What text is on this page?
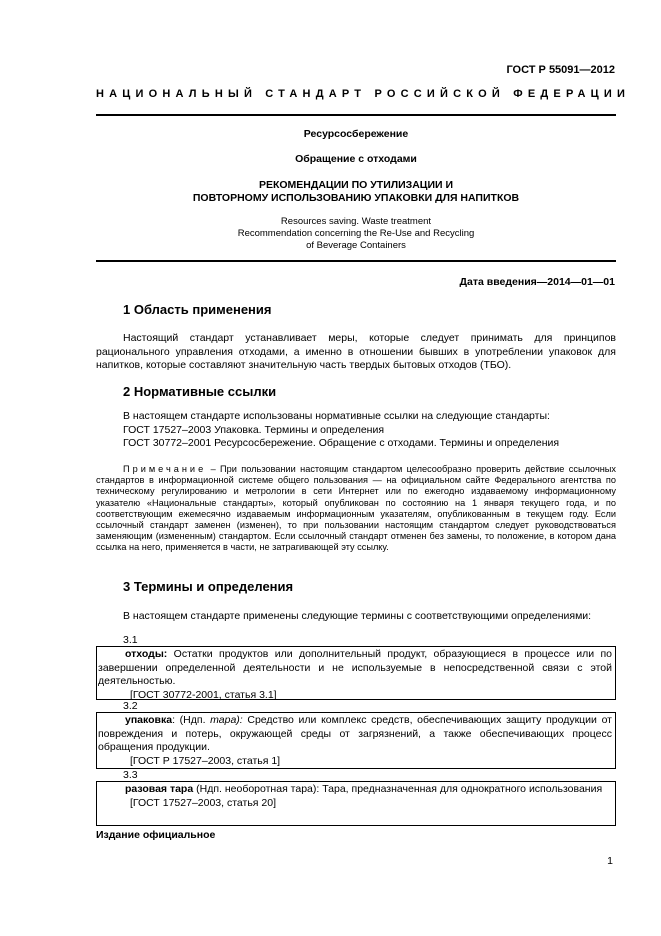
ГОСТ Р 55091—2012
НАЦИОНАЛЬНЫЙ СТАНДАРТ РОССИЙСКОЙ ФЕДЕРАЦИИ
Ресурсосбережение
Обращение с отходами
РЕКОМЕНДАЦИИ ПО УТИЛИЗАЦИИ И
ПОВТОРНОМУ ИСПОЛЬЗОВАНИЮ УПАКОВКИ ДЛЯ НАПИТКОВ
Resources saving. Waste treatment
Recommendation concerning the Re-Use and Recycling
of Beverage Containers
Дата введения—2014—01—01
1 Область применения
Настоящий стандарт устанавливает меры, которые следует принимать для принципов рационального управления отходами, а именно в отношении бывших в употреблении упаковок для напитков, которые составляют значительную часть твердых бытовых отходов (ТБО).
2 Нормативные ссылки
В настоящем стандарте использованы нормативные ссылки на следующие стандарты:
ГОСТ 17527–2003 Упаковка. Термины и определения
ГОСТ 30772–2001 Ресурсосбережение. Обращение с отходами. Термины и определения
Примечание – При пользовании настоящим стандартом целесообразно проверить действие ссылочных стандартов в информационной системе общего пользования — на официальном сайте Федерального агентства по техническому регулированию и метрологии в сети Интернет или по ежегодно издаваемому информационному указателю «Национальные стандарты», который опубликован по состоянию на 1 января текущего года, и по соответствующим ежемесячно издаваемым информационным указателям, опубликованным в текущем году. Если ссылочный стандарт заменен (изменен), то при пользовании настоящим стандартом следует руководствоваться заменяющим (измененным) стандартом. Если ссылочный стандарт отменен без замены, то положение, в котором дана ссылка на него, применяется в части, не затрагивающей эту ссылку.
3 Термины и определения
В настоящем стандарте применены следующие термины с соответствующими определениями:
3.1
отходы: Остатки продуктов или дополнительный продукт, образующиеся в процессе или по завершении определенной деятельности и не используемые в непосредственной связи с этой деятельностью.
[ГОСТ 30772-2001, статья 3.1]
3.2
упаковка: (Ндп. тара): Средство или комплекс средств, обеспечивающих защиту продукции от повреждения и потерь, окружающей среды от загрязнений, а также обеспечивающих процесс обращения продукции.
[ГОСТ Р 17527–2003, статья 1]
3.3
разовая тара (Ндп. необоротная тара): Тара, предназначенная для однократного использования
[ГОСТ 17527–2003, статья 20]
Издание официальное
1
